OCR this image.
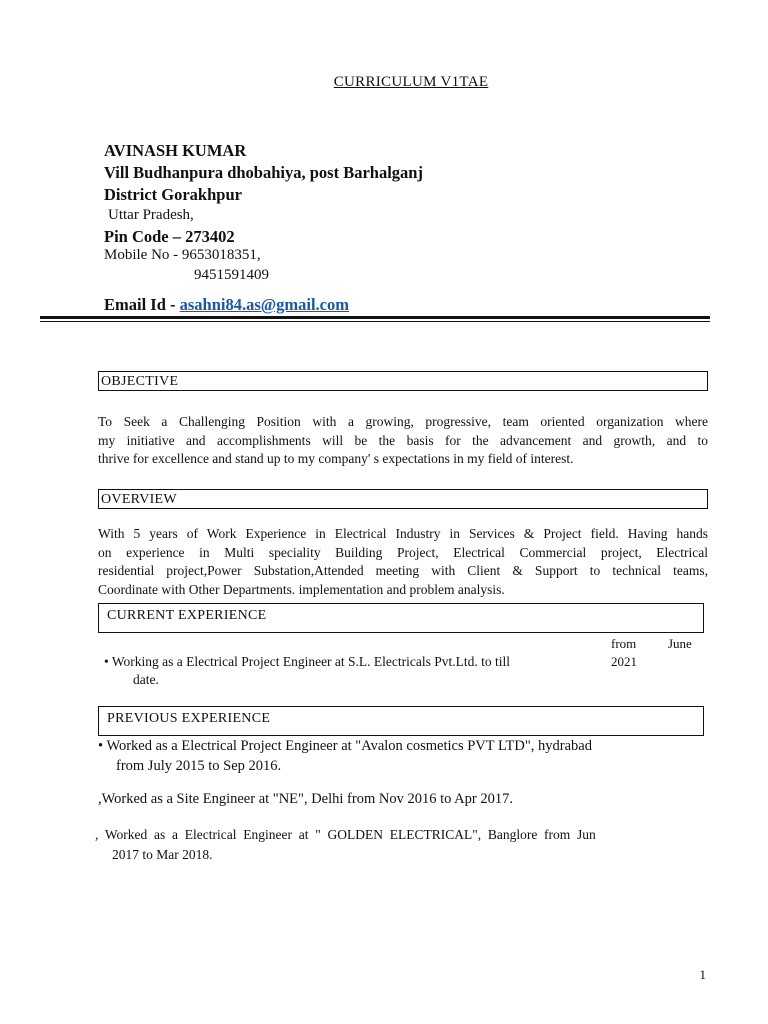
CURRICULUM V1TAE
AVINASH KUMAR
Vill Budhanpura dhobahiya, post Barhalganj
District Gorakhpur
Uttar Pradesh,
Pin Code – 273402
Mobile No - 9653018351,
9451591409
Email Id - asahni84.as@gmail.com
OBJECTIVE
To Seek a Challenging Position with a growing, progressive, team oriented organization where
my initiative and accomplishments will be the basis for the advancement and growth, and to
thrive for excellence and stand up to my company' s expectations in my field of interest.
OVERVIEW
With 5 years of Work Experience in Electrical Industry in Services & Project field. Having hands
on experience in Multi speciality Building Project, Electrical Commercial project, Electrical
residential project,Power Substation,Attended meeting with Client & Support to technical teams,
Coordinate with Other Departments. implementation and problem analysis.
CURRENT EXPERIENCE
from June
2021
• Working as a Electrical Project Engineer at S.L. Electricals Pvt.Ltd. to till
date.
PREVIOUS EXPERIENCE
• Worked as a Electrical Project Engineer at "Avalon cosmetics PVT LTD", hydrabad
from July 2015 to Sep 2016.
,Worked as a Site Engineer at "NE", Delhi from Nov 2016 to Apr 2017.
,  Worked  as  a  Electrical  Engineer  at  "  GOLDEN  ELECTRICAL",  Banglore  from  Jun
2017 to Mar 2018.
1
